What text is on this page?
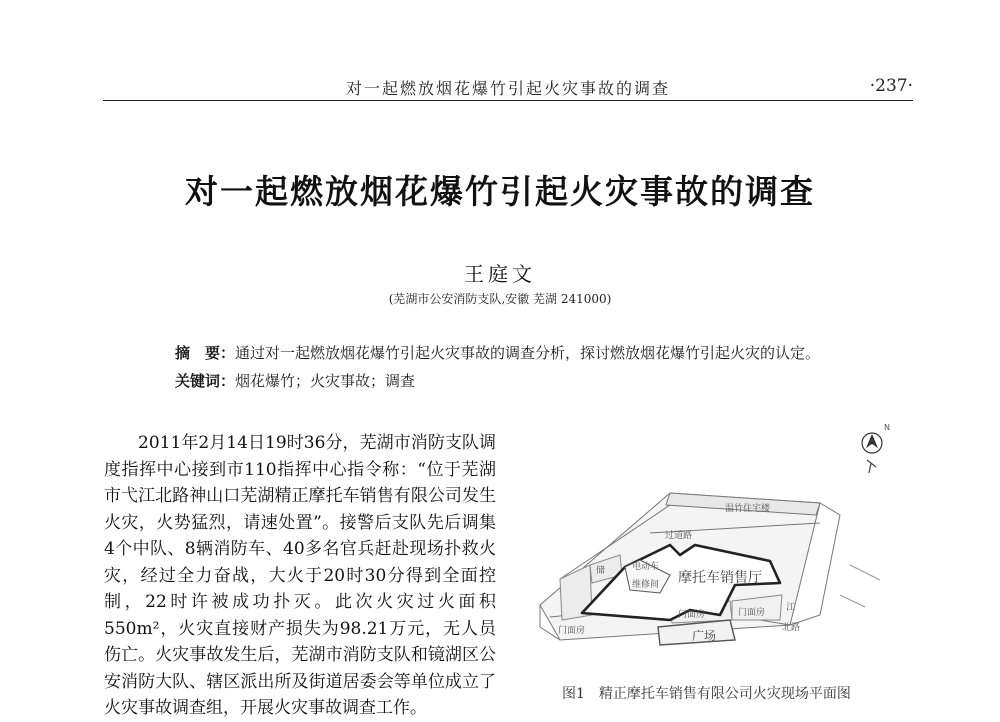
对一起燃放烟花爆竹引起火灾事故的调查	·237·
对一起燃放烟花爆竹引起火灾事故的调查
王庭文
(芜湖市公安消防支队,安徽 芜湖 241000)
摘　要：通过对一起燃放烟花爆竹引起火灾事故的调查分析，探讨燃放烟花爆竹引起火灾的认定。
关键词：烟花爆竹；火灾事故；调查

2011年2月14日19时36分，芜湖市消防支队调度指挥中心接到市110指挥中心指令称：“位于芜湖市弋江北路神山口芜湖精正摩托车销售有限公司发生火灾，火势猛烈，请速处置”。接警后支队先后调集4个中队、8辆消防车、40多名官兵赶赴现场扑救火灾，经过全力奋战，大火于20时30分得到全面控制，22时许被成功扑灭。此次火灾过火面积550m²，火灾直接财产损失为98.21万元，无人员伤亡。火灾事故发生后，芜湖市消防支队和镜湖区公安消防大队、辖区派出所及街道居委会等单位成立了火灾事故调查组，开展火灾事故调查工作。

温竹住宅楼
过道路
储	电动车
维修间 摩托车销售厅
门面房
门面房	门面房
广场
北路
江
N
图1　精正摩托车销售有限公司火灾现场平面图
